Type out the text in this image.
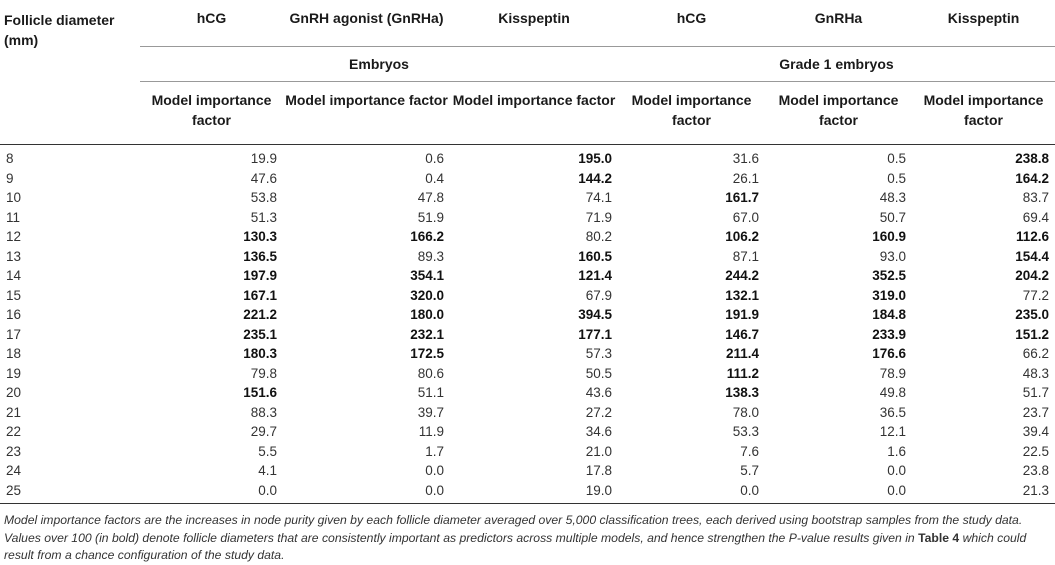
Follicle diameter (mm)	hCG	GnRH agonist (GnRHa)	Kisspeptin	hCG	GnRHa	Kisspeptin
	Embryos			Grade 1 embryos		
	Model importance factor	Model importance factor	Model importance factor	Model importance factor	Model importance factor	Model importance factor
8	19.9	0.6	195.0	31.6	0.5	238.8
9	47.6	0.4	144.2	26.1	0.5	164.2
10	53.8	47.8	74.1	161.7	48.3	83.7
11	51.3	51.9	71.9	67.0	50.7	69.4
12	130.3	166.2	80.2	106.2	160.9	112.6
13	136.5	89.3	160.5	87.1	93.0	154.4
14	197.9	354.1	121.4	244.2	352.5	204.2
15	167.1	320.0	67.9	132.1	319.0	77.2
16	221.2	180.0	394.5	191.9	184.8	235.0
17	235.1	232.1	177.1	146.7	233.9	151.2
18	180.3	172.5	57.3	211.4	176.6	66.2
19	79.8	80.6	50.5	111.2	78.9	48.3
20	151.6	51.1	43.6	138.3	49.8	51.7
21	88.3	39.7	27.2	78.0	36.5	23.7
22	29.7	11.9	34.6	53.3	12.1	39.4
23	5.5	1.7	21.0	7.6	1.6	22.5
24	4.1	0.0	17.8	5.7	0.0	23.8
25	0.0	0.0	19.0	0.0	0.0	21.3
Model importance factors are the increases in node purity given by each follicle diameter averaged over 5,000 classification trees, each derived using bootstrap samples from the study data. Values over 100 (in bold) denote follicle diameters that are consistently important as predictors across multiple models, and hence strengthen the P-value results given in Table 4 which could result from a chance configuration of the study data.
